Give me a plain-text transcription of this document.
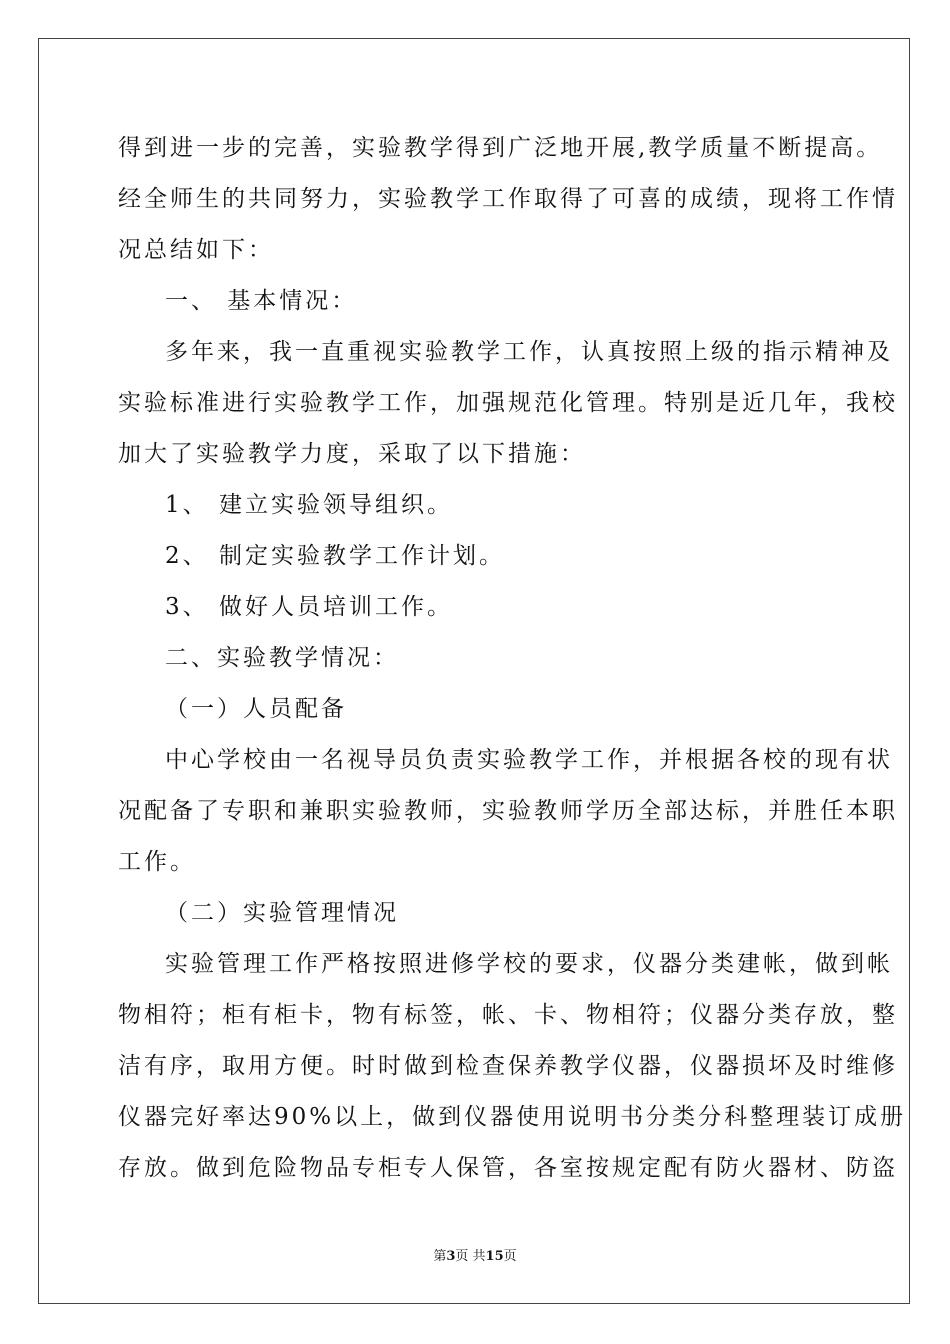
得到进一步的完善，实验教学得到广泛地开展,教学质量不断提高。
经全师生的共同努力，实验教学工作取得了可喜的成绩，现将工作情
况总结如下：
一、 基本情况：
多年来，我一直重视实验教学工作，认真按照上级的指示精神及
实验标准进行实验教学工作，加强规范化管理。特别是近几年，我校
加大了实验教学力度，采取了以下措施：
1、 建立实验领导组织。
2、 制定实验教学工作计划。
3、 做好人员培训工作。
二、实验教学情况：
（一）人员配备
中心学校由一名视导员负责实验教学工作，并根据各校的现有状
况配备了专职和兼职实验教师，实验教师学历全部达标，并胜任本职
工作。
（二）实验管理情况
实验管理工作严格按照进修学校的要求，仪器分类建帐，做到帐
物相符；柜有柜卡，物有标签，帐、卡、物相符；仪器分类存放，整
洁有序，取用方便。时时做到检查保养教学仪器，仪器损坏及时维修
仪器完好率达90%以上，做到仪器使用说明书分类分科整理装订成册
存放。做到危险物品专柜专人保管，各室按规定配有防火器材、防盗
第3页 共15页
